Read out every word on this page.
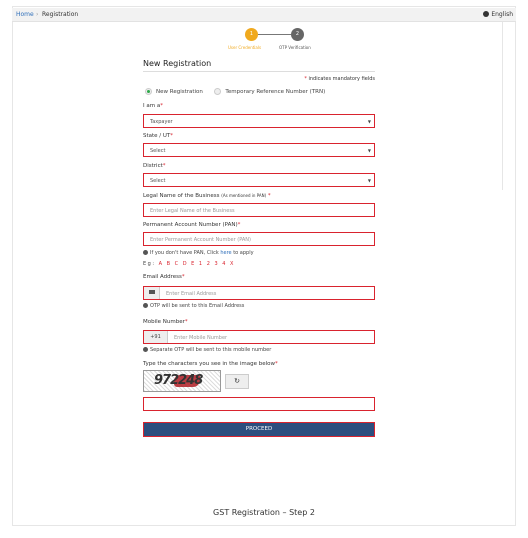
Home › Registration	English
1	2
User Credentials	OTP Verification
New Registration
* indicates mandatory fields
New Registration	Temporary Reference Number (TRN)
I am a*
Taxpayer	▼
State / UT*
Select	▼
District*
Select	▼
Legal Name of the Business (As mentioned in PAN) *
Enter Legal Name of the Business
Permanent Account Number (PAN)*
Enter Permanent Account Number (PAN)
If you don't have PAN, Click here to apply
Eg: A B C D E 1 2 3 4 X
Email Address*
Enter Email Address
OTP will be sent to this Email Address
Mobile Number*
+91	Enter Mobile Number
Separate OTP will be sent to this mobile number
Type the characters you see in the image below*
972248	↻
PROCEED
GST Registration – Step 2
